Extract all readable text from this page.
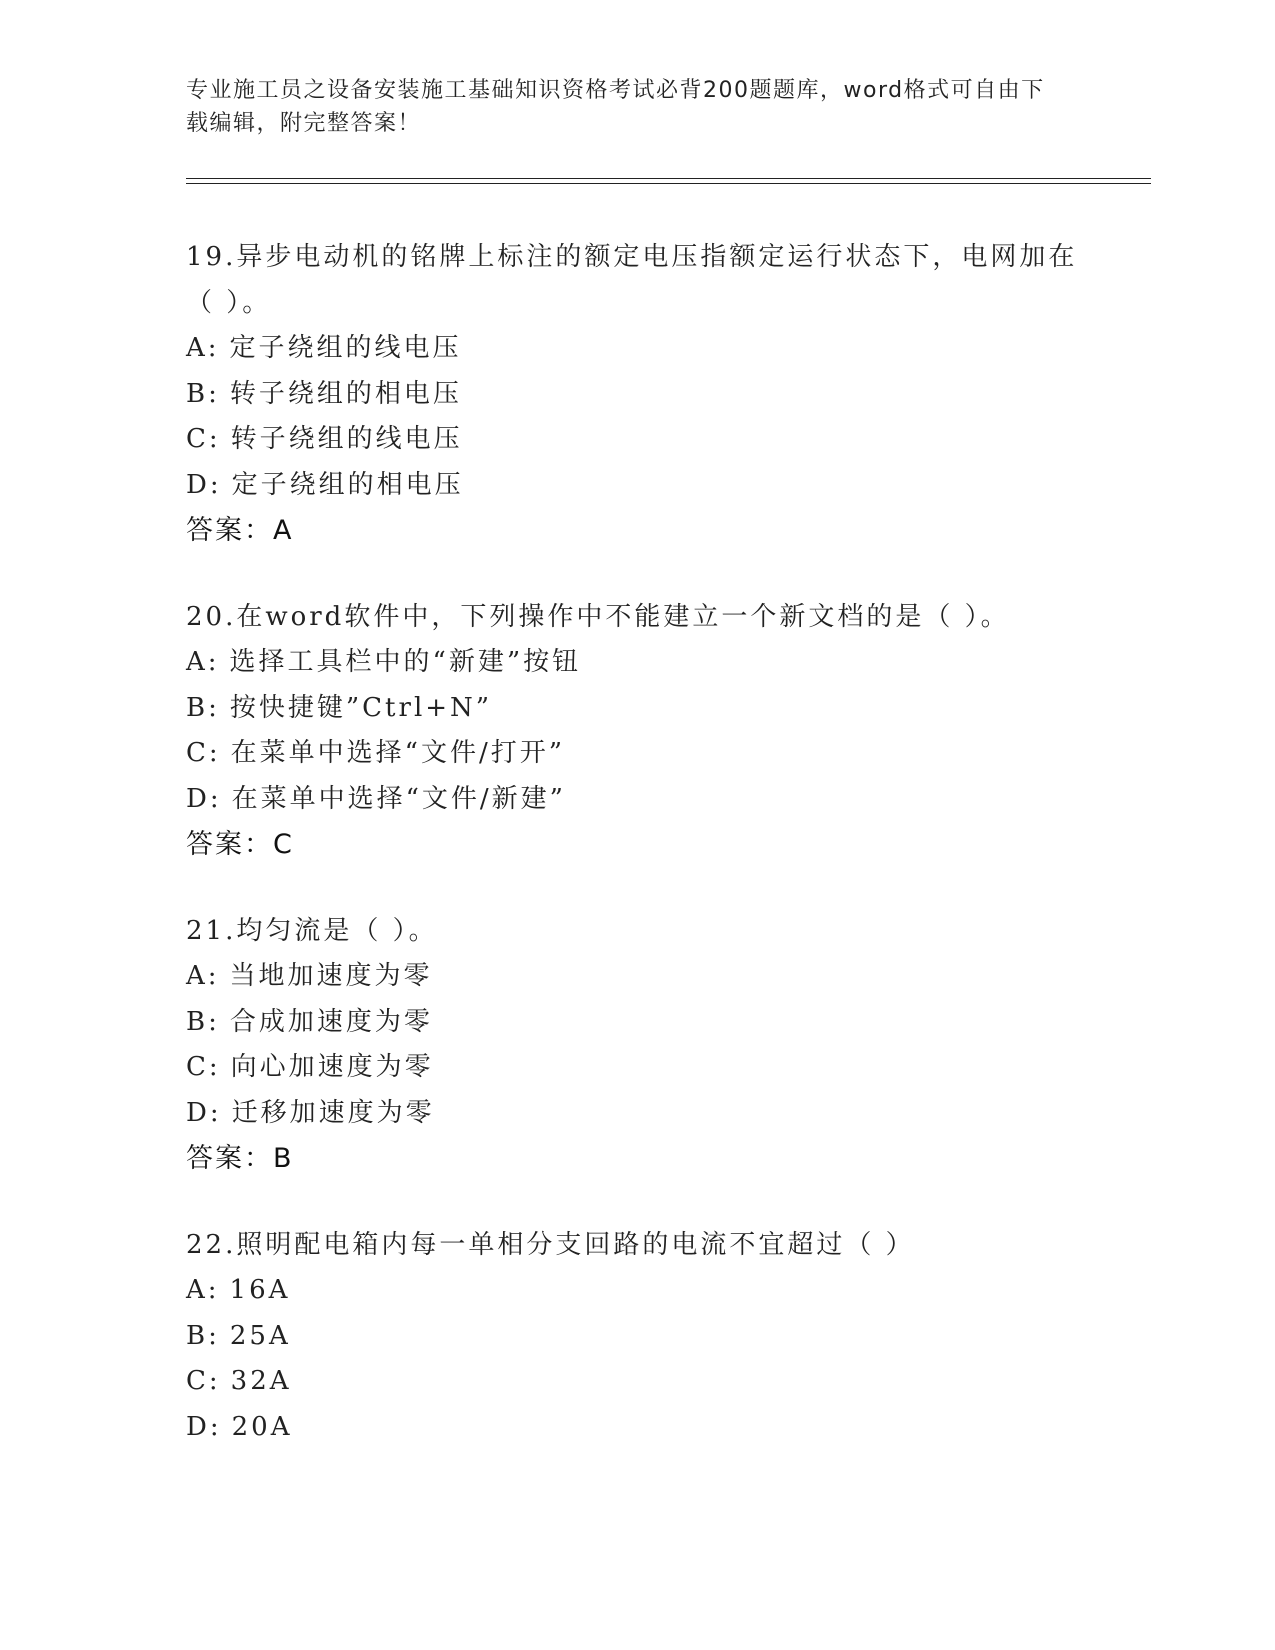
专业施工员之设备安装施工基础知识资格考试必背200题题库，word格式可自由下载编辑，附完整答案！
19.异步电动机的铭牌上标注的额定电压指额定运行状态下，电网加在（ ）。
A: 定子绕组的线电压
B: 转子绕组的相电压
C: 转子绕组的线电压
D: 定子绕组的相电压
答案：A
20.在word软件中，下列操作中不能建立一个新文档的是（ ）。
A: 选择工具栏中的“新建”按钮
B: 按快捷键”Ctrl+N”
C: 在菜单中选择“文件/打开”
D: 在菜单中选择“文件/新建”
答案：C
21.均匀流是（ ）。
A: 当地加速度为零
B: 合成加速度为零
C: 向心加速度为零
D: 迁移加速度为零
答案：B
22.照明配电箱内每一单相分支回路的电流不宜超过（ ）
A: 16A
B: 25A
C: 32A
D: 20A
